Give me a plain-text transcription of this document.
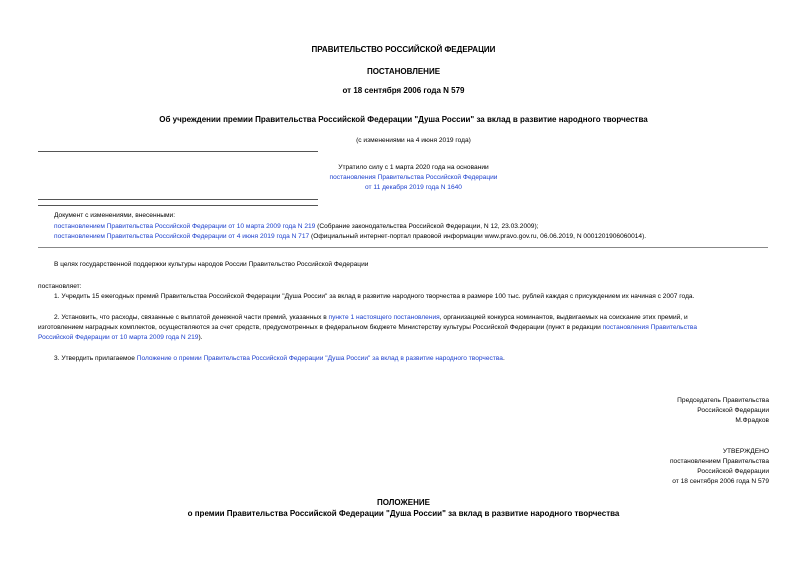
ПРАВИТЕЛЬСТВО РОССИЙСКОЙ ФЕДЕРАЦИИ
ПОСТАНОВЛЕНИЕ
от 18 сентября 2006 года N 579
Об учреждении премии Правительства Российской Федерации "Душа России" за вклад в развитие народного творчества
(с изменениями на 4 июня 2019 года)
Утратило силу с 1 марта 2020 года на основании
постановления Правительства Российской Федерации
от 11 декабря 2019 года N 1640
Документ с изменениями, внесенными:
постановлением Правительства Российской Федерации от 10 марта 2009 года N 219 (Собрание законодательства Российской Федерации, N 12, 23.03.2009);
постановлением Правительства Российской Федерации от 4 июня 2019 года N 717 (Официальный интернет-портал правовой информации www.pravo.gov.ru, 06.06.2019, N 0001201906060014).
В целях государственной поддержки культуры народов России Правительство Российской Федерации
постановляет:
1. Учредить 15 ежегодных премий Правительства Российской Федерации "Душа России" за вклад в развитие народного творчества в размере 100 тыс. рублей каждая с присуждением их начиная с 2007 года.
2. Установить, что расходы, связанные с выплатой денежной части премий, указанных в пункте 1 настоящего постановления, организацией конкурса номинантов, выдвигаемых на соискание этих премий, и
изготовлением наградных комплектов, осуществляются за счет средств, предусмотренных в федеральном бюджете Министерству культуры Российской Федерации (пункт в редакции постановления Правительства
Российской Федерации от 10 марта 2009 года N 219).
3. Утвердить прилагаемое Положение о премии Правительства Российской Федерации "Душа России" за вклад в развитие народного творчества.
Председатель Правительства
Российской Федерации
М.Фрадков
УТВЕРЖДЕНО
постановлением Правительства
Российской Федерации
от 18 сентября 2006 года N 579
ПОЛОЖЕНИЕ
о премии Правительства Российской Федерации "Душа России" за вклад в развитие народного творчества
